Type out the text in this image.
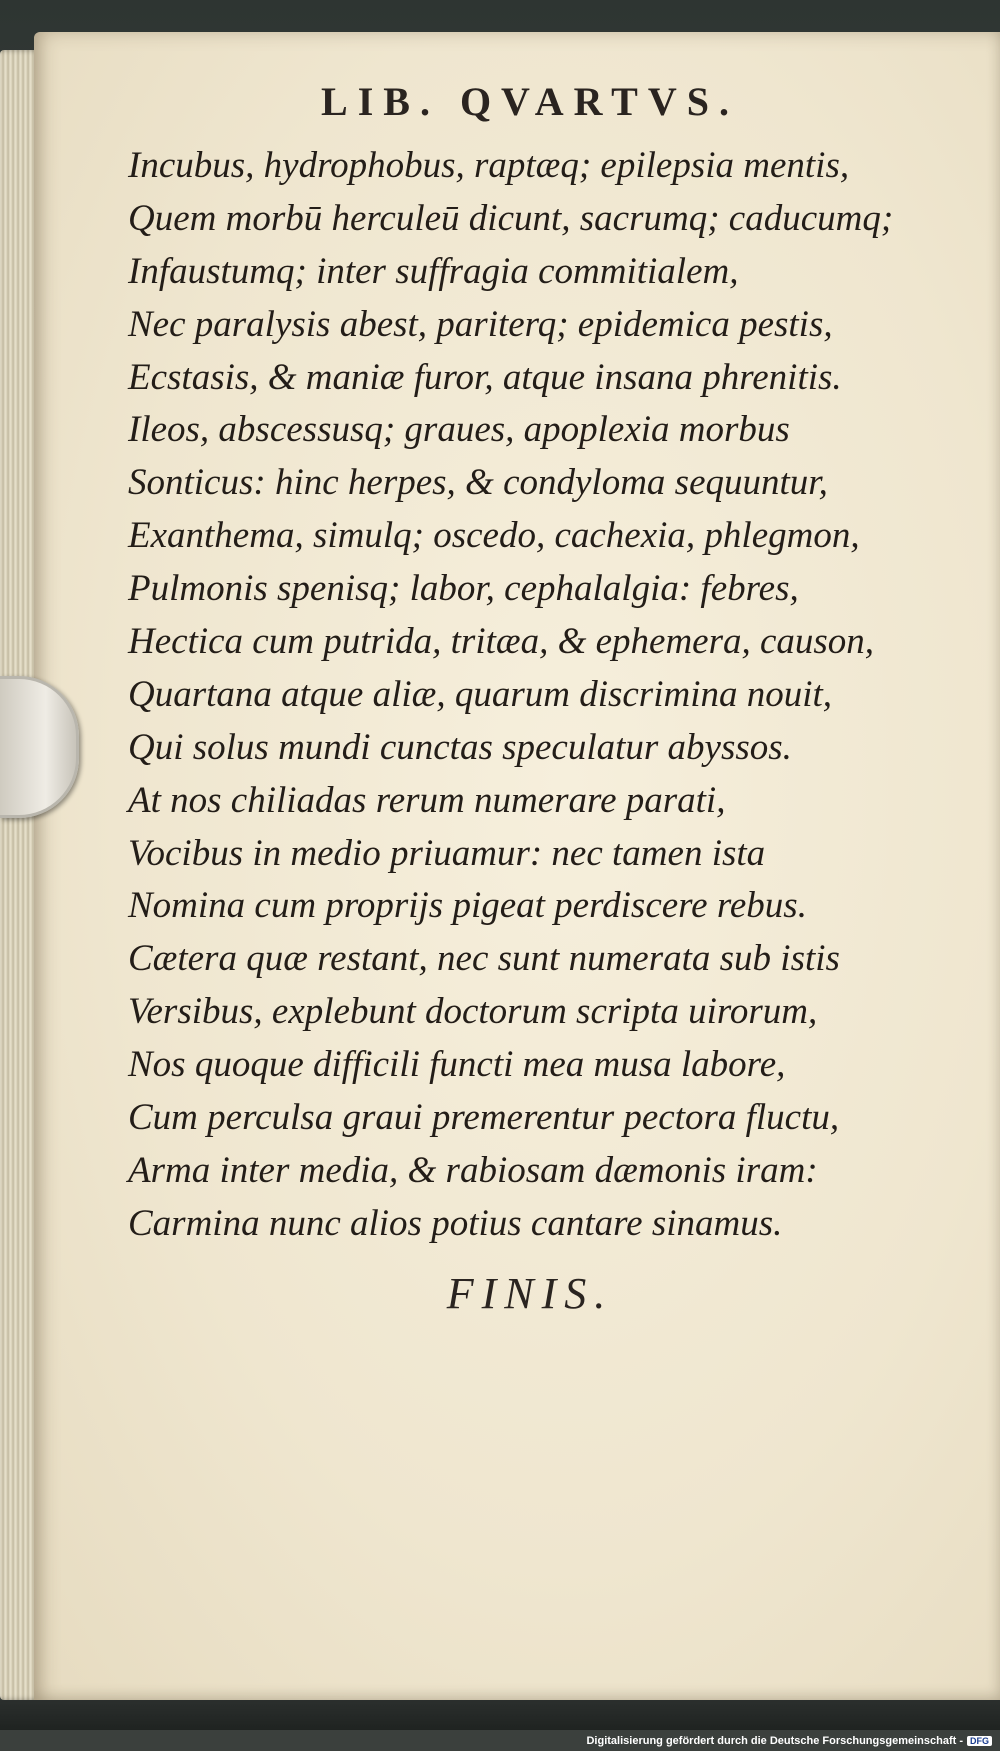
LIB. QVARTVS.
Incubus, hydrophobus, raptæq; epilepsia mentis,
Quem morbū herculeū dicunt, sacrumq; caducumq;
Infaustumq; inter suffragia commitialem,
Nec paralysis abest, pariterq; epidemica pestis,
Ecstasis, & maniæ furor, atque insana phrenitis.
Ileos, abscessusq; graues, apoplexia morbus
Sonticus: hinc herpes, & condyloma sequuntur,
Exanthema, simulq; oscedo, cachexia, phlegmon,
Pulmonis spenisq; labor, cephalalgia: febres,
Hectica cum putrida, tritæa, & ephemera, causon,
Quartana atque aliæ, quarum discrimina nouit,
Qui solus mundi cunctas speculatur abyssos.
At nos chiliadas rerum numerare parati,
Vocibus in medio priuamur: nec tamen ista
Nomina cum proprijs pigeat perdiscere rebus.
Cætera quæ restant, nec sunt numerata sub istis
Versibus, explebunt doctorum scripta uirorum,
Nos quoque difficili functi mea musa labore,
Cum perculsa graui premerentur pectora fluctu,
Arma inter media, & rabiosam dæmonis iram:
Carmina nunc alios potius cantare sinamus.
FINIS.
Digitalisierung gefördert durch die Deutsche Forschungsgemeinschaft - DFG
